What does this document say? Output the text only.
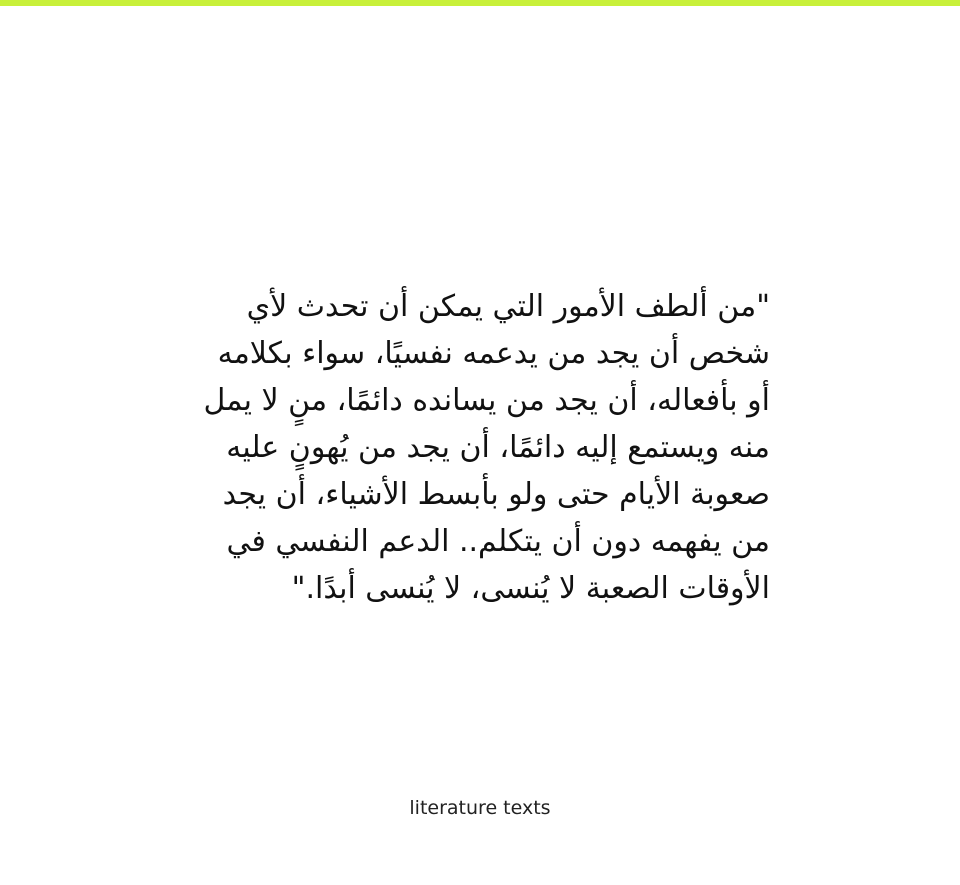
"من ألطف الأمور التي يمكن أن تحدث لأي
شخص أن يجد من يدعمه نفسيًا، سواء بكلامه
أو بأفعاله، أن يجد من يسانده دائمًا، منٍ لا يمل
منه ويستمع إليه دائمًا، أن يجد من يُهونٍ عليه
صعوبة الأيام حتى ولو بأبسط الأشياء، أن يجد
من يفهمه دون أن يتكلم.. الدعم النفسي في
الأوقات الصعبة لا يُنسى، لا يُنسى أبدًا."
literature texts
